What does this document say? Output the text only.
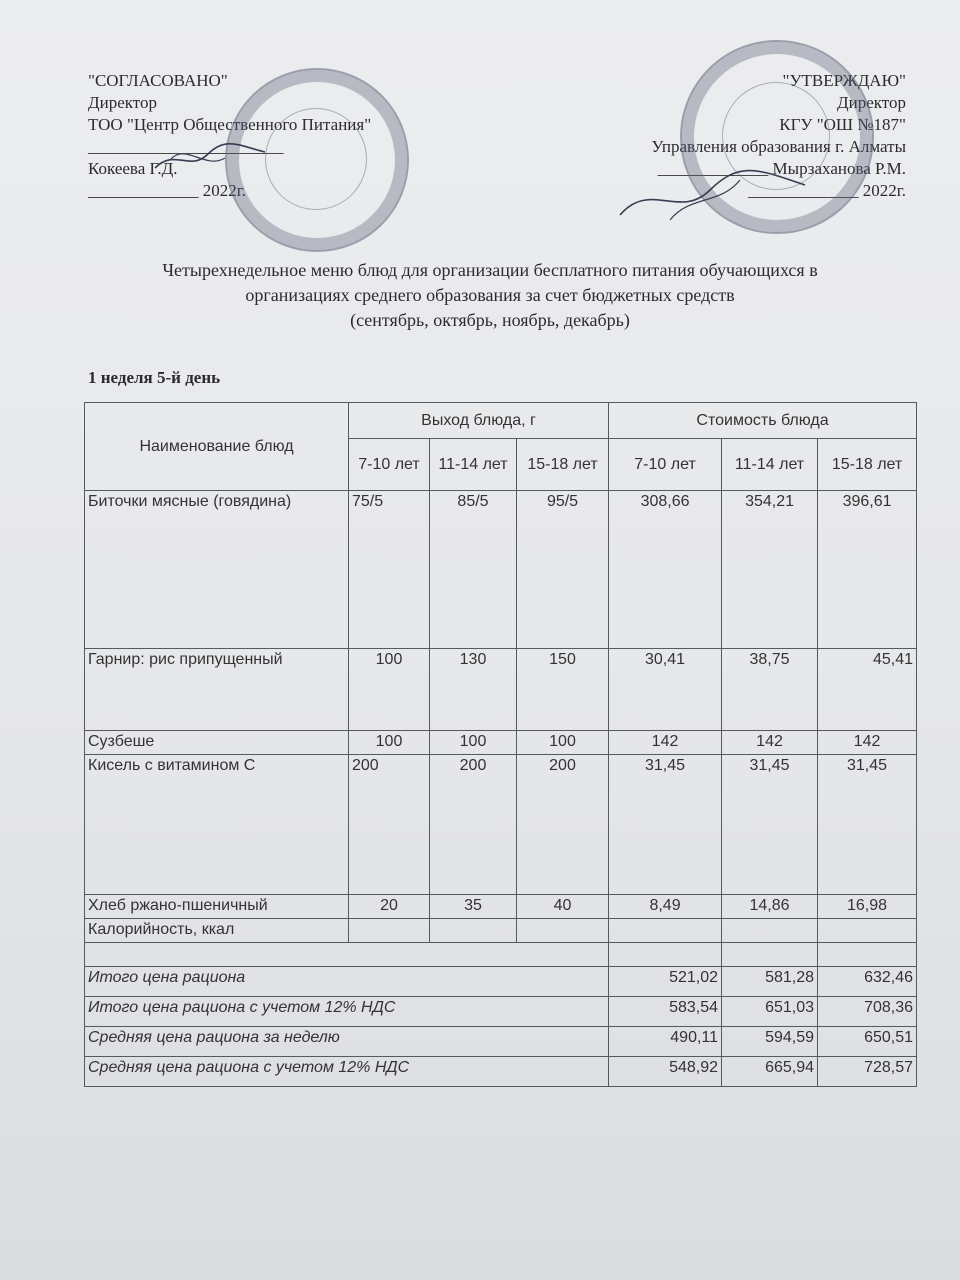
"СОГЛАСОВАНО"
Директор
ТОО "Центр Общественного Питания"
_______________________
Кокеева Г.Д.
_____________ 2022г.
"УТВЕРЖДАЮ"
Директор
КГУ "ОШ №187"
Управления образования г. Алматы
_____________ Мырзаханова Р.М.
_____________ 2022г.
Четырехнедельное меню блюд для организации бесплатного питания обучающихся в
организациях среднего образования за счет бюджетных средств
(сентябрь, октябрь, ноябрь, декабрь)
1 неделя 5-й день
Наименование блюд	Выход блюда, г			Стоимость блюда		
	7-10 лет	11-14 лет	15-18 лет	7-10 лет	11-14 лет	15-18 лет
Биточки мясные (говядина)	75/5	85/5	95/5	308,66	354,21	396,61
Гарнир: рис припущенный	100	130	150	30,41	38,75	45,41
Сузбеше	100	100	100	142	142	142
Кисель с витамином С	200	200	200	31,45	31,45	31,45
Хлеб ржано-пшеничный	20	35	40	8,49	14,86	16,98
Калорийность, ккал						

Итого цена рациона				521,02	581,28	632,46
Итого цена рациона с учетом 12% НДС				583,54	651,03	708,36
Средняя цена рациона за неделю				490,11	594,59	650,51
Средняя цена рациона с учетом 12% НДС				548,92	665,94	728,57
